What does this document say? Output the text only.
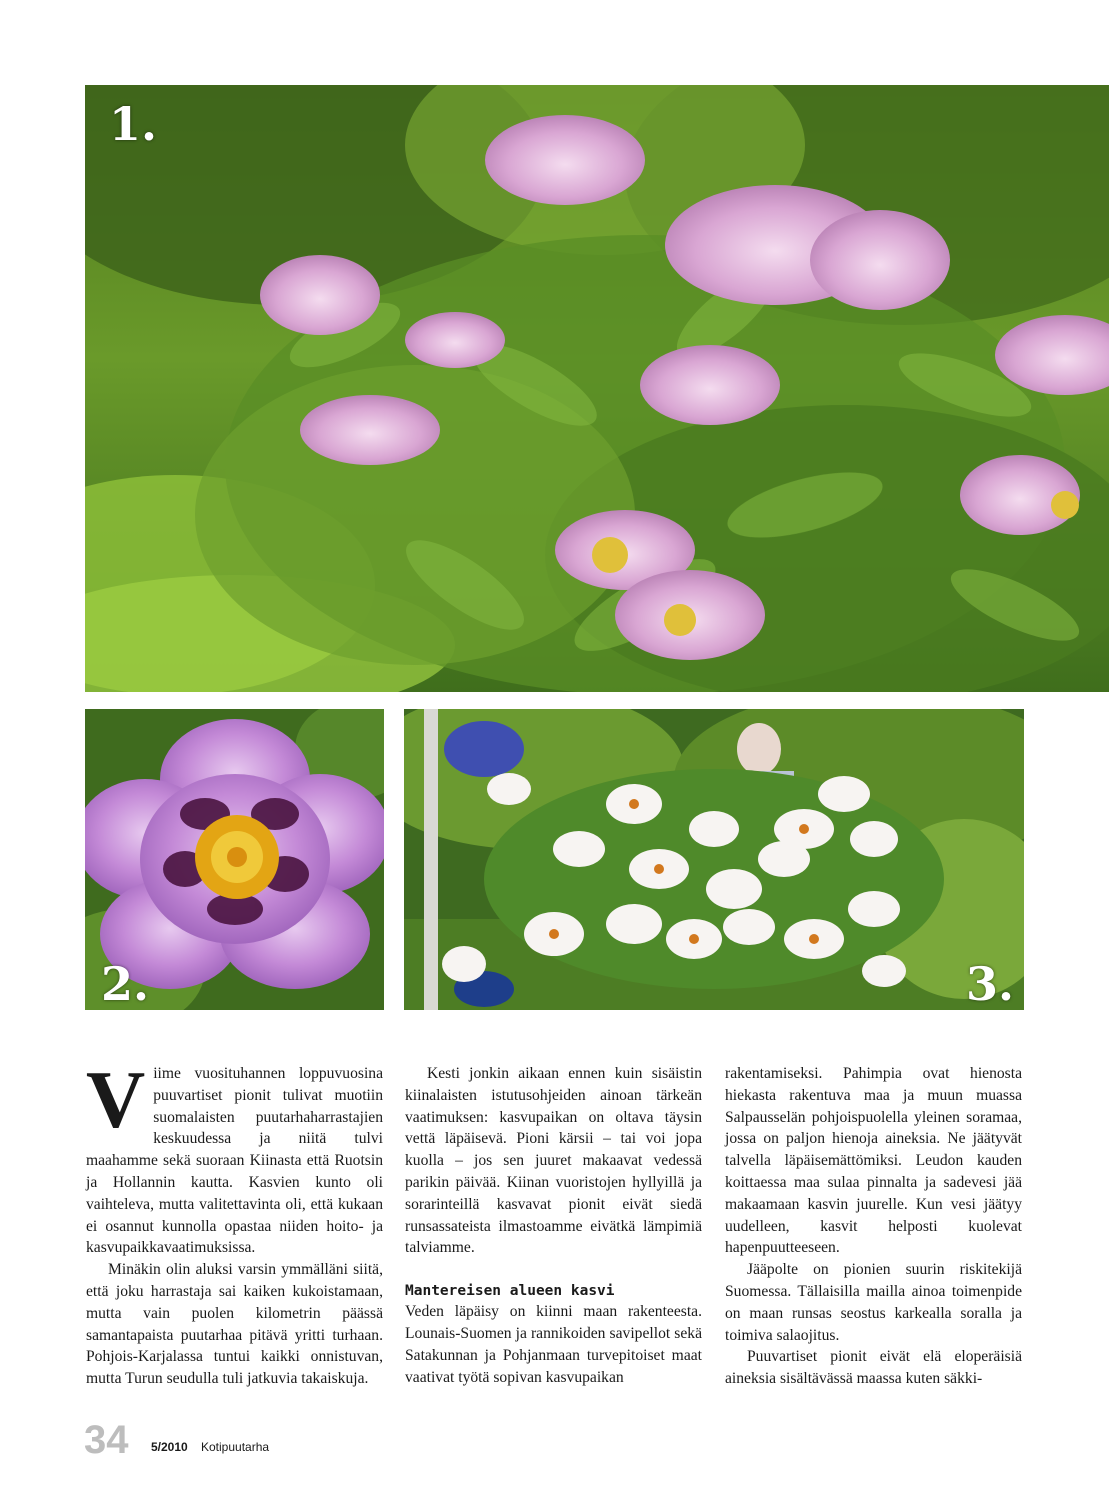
1.
2.	3.

Viime vuosituhannen loppuvuosina puuvartiset pionit tulivat muotiin suomalaisten puutarhaharrastajien keskuudessa ja niitä tulvi maahamme sekä suoraan Kiinasta että Ruotsin ja Hollannin kautta. Kasvien kunto oli vaihteleva, mutta valitettavinta oli, että kukaan ei osannut kunnolla opastaa niiden hoito- ja kasvupaikkavaatimuksissa.

Minäkin olin aluksi varsin ymmälläni siitä, että joku harrastaja sai kaiken kukoistamaan, mutta vain puolen kilometrin päässä samantapaista puutarhaa pitävä yritti turhaan. Pohjois-Karjalassa tuntui kaikki onnistuvan, mutta Turun seudulla tuli jatkuvia takaiskuja.

Kesti jonkin aikaan ennen kuin sisäistin kiinalaisten istutusohjeiden ainoan tärkeän vaatimuksen: kasvupaikan on oltava täysin vettä läpäisevä. Pioni kärsii – tai voi jopa kuolla – jos sen juuret makaavat vedessä parikin päivää. Kiinan vuoristojen hyllyillä ja sorarinteillä kasvavat pionit eivät siedä runsassateista ilmastoamme eivätkä lämpimiä talviamme.

Mantereisen alueen kasvi

Veden läpäisy on kiinni maan rakenteesta. Lounais-Suomen ja rannikoiden savipellot sekä Satakunnan ja Pohjanmaan turvepitoiset maat vaativat työtä sopivan kasvupaikan

rakentamiseksi. Pahimpia ovat hienosta hiekasta rakentuva maa ja muun muassa Salpausselän pohjoispuolella yleinen soramaa, jossa on paljon hienoja aineksia. Ne jäätyvät talvella läpäisemättömiksi. Leudon kauden koittaessa maa sulaa pinnalta ja sadevesi jää makaamaan kasvin juurelle. Kun vesi jäätyy uudelleen, kasvit helposti kuolevat hapenpuutteeseen.

Jääpolte on pionien suurin riskitekijä Suomessa. Tällaisilla mailla ainoa toimenpide on maan runsas seostus karkealla soralla ja toimiva salaojitus.

Puuvartiset pionit eivät elä eloperäisiä aineksia sisältävässä maassa kuten säkki-

34 5/2010 Kotipuutarha
